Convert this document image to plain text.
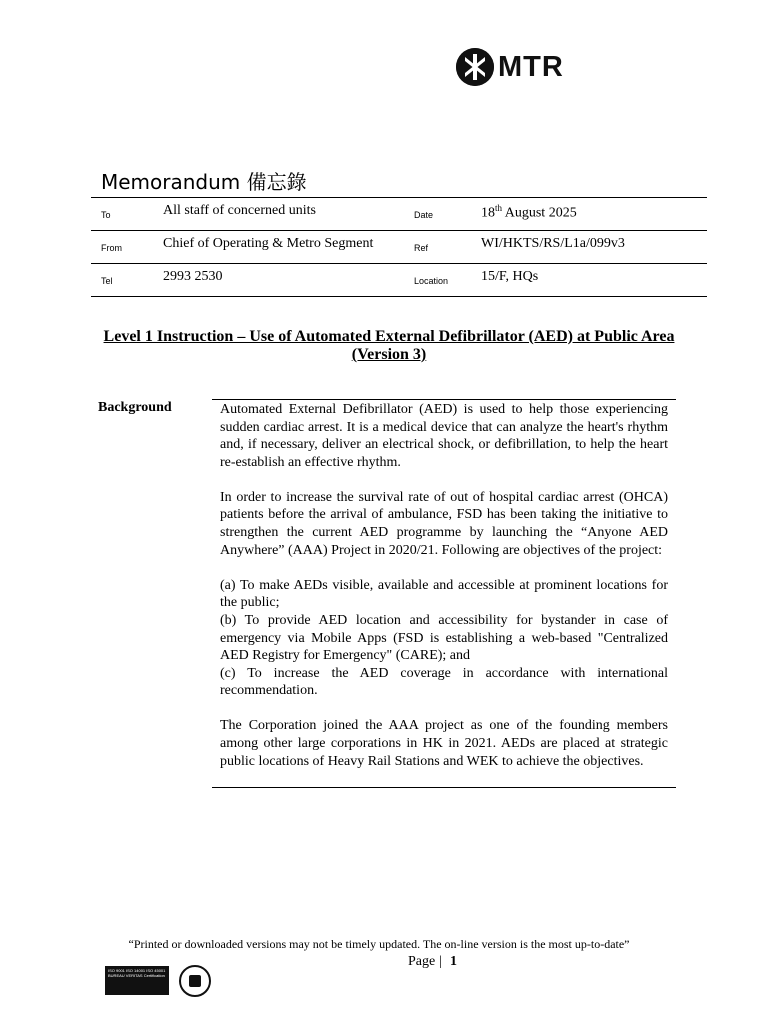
MTR
Memorandum 備忘錄
To	All staff of concerned units	Date	18th August 2025
From	Chief of Operating & Metro Segment	Ref	WI/HKTS/RS/L1a/099v3
Tel	2993 2530	Location 15/F, HQs
Level 1 Instruction – Use of Automated External Defibrillator (AED) at Public Area (Version 3)
Background	Automated External Defibrillator (AED) is used to help those experiencing sudden cardiac arrest. It is a medical device that can analyze the heart's rhythm and, if necessary, deliver an electrical shock, or defibrillation, to help the heart re-establish an effective rhythm.

In order to increase the survival rate of out of hospital cardiac arrest (OHCA) patients before the arrival of ambulance, FSD has been taking the initiative to strengthen the current AED programme by launching the “Anyone AED Anywhere” (AAA) Project in 2020/21. Following are objectives of the project:

(a) To make AEDs visible, available and accessible at prominent locations for the public;

(b) To provide AED location and accessibility for bystander in case of emergency via Mobile Apps (FSD is establishing a web-based "Centralized AED Registry for Emergency" (CARE); and

(c) To increase the AED coverage in accordance with international recommendation.

The Corporation joined the AAA project as one of the founding members among other large corporations in HK in 2021. AEDs are placed at strategic public locations of Heavy Rail Stations and WEK to achieve the objectives.

“Printed or downloaded versions may not be timely updated. The on-line version is the most up-to-date”
Page | 1
ISO 9001 ISO 14001 ISO 45001 BUREAU VERITAS Certification
